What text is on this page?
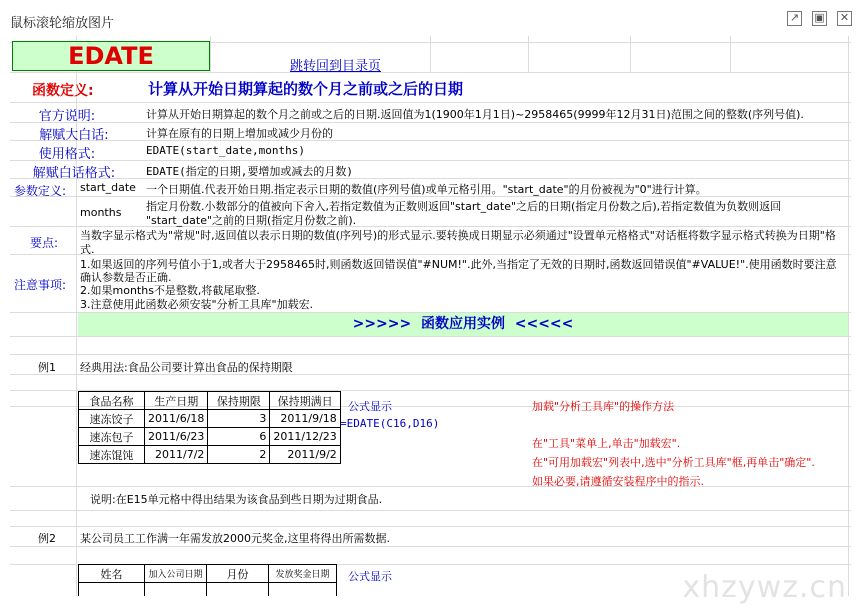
鼠标滚轮缩放图片	↗ ▣ ✕
EDATE	跳转回到目录页
函数定义:	计算从开始日期算起的数个月之前或之后的日期
官方说明:	计算从开始日期算起的数个月之前或之后的日期.返回值为1(1900年1月1日)~2958465(9999年12月31日)范围之间的整数(序列号值).
解赋大白话:	计算在原有的日期上增加或减少月份的
使用格式:	EDATE(start_date,months)
解赋白话格式:	EDATE(指定的日期,要增加或减去的月数)
参数定义: start_date 一个日期值.代表开始日期.指定表示日期的数值(序列号值)或单元格引用。"start_date"的月份被视为"0"进行计算。
months 指定月份数.小数部分的值被向下舍入,若指定数值为正数则返回"start_date"之后的日期(指定月份数之后),若指定数值为负数则返回
"start_date"之前的日期(指定月份数之前).
要点:
当数字显示格式为"常规"时,返回值以表示日期的数值(序列号)的形式显示.要转换成日期显示必须通过"设置单元格格式"对话框将数字显示格式转换为日期"格
式.
注意事项:
1.如果返回的序列号值小于1,或者大于2958465时,则函数返回错误值"#NUM!".此外,当指定了无效的日期时,函数返回错误值"#VALUE!".使用函数时要注意
确认参数是否正确.
2.如果months不是整数,将截尾取整.
3.注意使用此函数必须安装"分析工具库"加载宏.
>>>>>  函数应用实例  <<<<<
例1 经典用法:食品公司要计算出食品的保持期限
食品名称	生产日期	保持期限	保持期满日
速冻饺子	2011/6/18	3	2011/9/18
速冻包子	2011/6/23	6	2011/12/23
速冻馄饨	2011/7/2	2	2011/9/2
公式显示
=EDATE(C16,D16)
加载"分析工具库"的操作方法
在"工具"菜单上,单击"加载宏".
在"可用加载宏"列表中,选中"分析工具库"框,再单击"确定".
如果必要,请遵循安装程序中的指示.
说明:在E15单元格中得出结果为该食品到些日期为过期食品.
例2 某公司员工工作满一年需发放2000元奖金,这里将得出所需数据.
姓名	加入公司日期	月份	发放奖金日期
			公式显示	xhzywz.cn
